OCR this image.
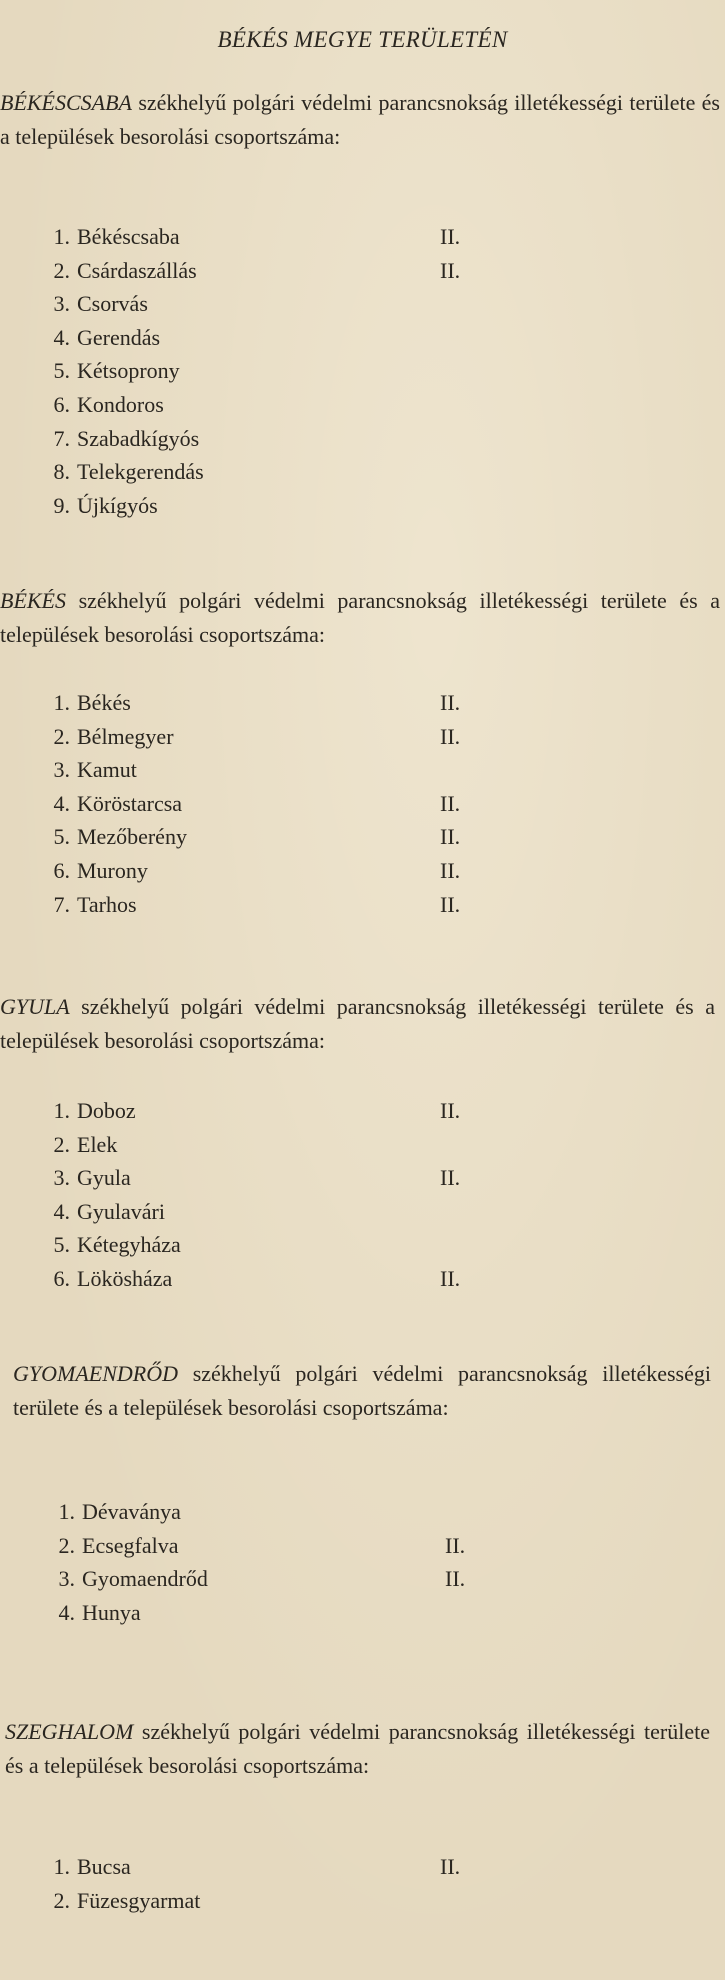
BÉKÉS MEGYE TERÜLETÉN

BÉKÉSCSABA székhelyű polgári védelmi parancsnokság illetékességi területe és a települések besorolási csoportszáma:

1. Békéscsaba	II.
2. Csárdaszállás	II.
3. Csorvás
4. Gerendás
5. Kétsoprony
6. Kondoros
7. Szabadkígyós
8. Telekgerendás
9. Újkígyós

BÉKÉS székhelyű polgári védelmi parancsnokság illetékességi területe és a települések besorolási csoportszáma:

1. Békés	II.
2. Bélmegyer	II.
3. Kamut
4. Köröstarcsa	II.
5. Mezőberény	II.
6. Murony	II.
7. Tarhos	II.

GYULA székhelyű polgári védelmi parancsnokság illetékességi területe és a települések besorolási csoportszáma:

1. Doboz	II.
2. Elek
3. Gyula	II.
4. Gyulavári
5. Kétegyháza
6. Lökösháza	II.

GYOMAENDRŐD székhelyű polgári védelmi parancsnokság illetékességi területe és a települések besorolási csoportszáma:

1. Dévaványa
2. Ecsegfalva	II.
3. Gyomaendrőd	II.
4. Hunya

SZEGHALOM székhelyű polgári védelmi parancsnokság illetékességi területe és a települések besorolási csoportszáma:

1. Bucsa	II.
2. Füzesgyarmat
